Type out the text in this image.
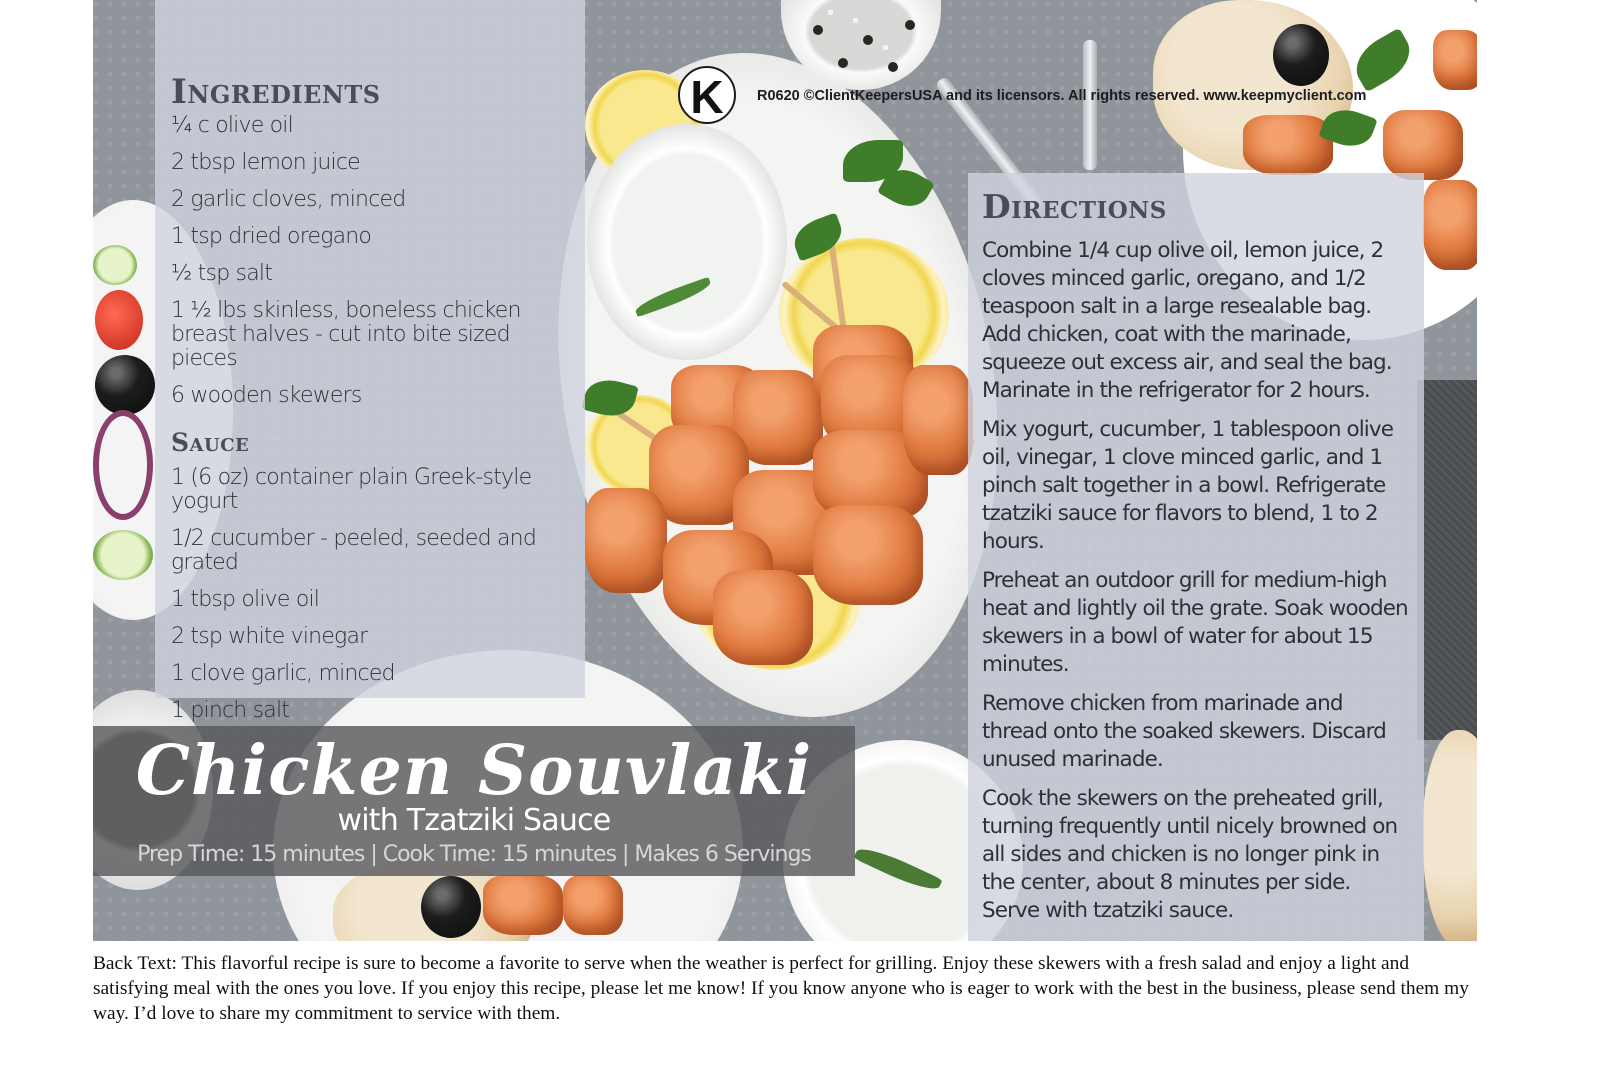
Ingredients
¼ c olive oil
2 tbsp lemon juice
2 garlic cloves, minced
1 tsp dried oregano
½ tsp salt
1 ½ lbs skinless, boneless chicken breast halves - cut into bite sized pieces
6 wooden skewers
Sauce
1 (6 oz) container plain Greek-style yogurt
1/2 cucumber - peeled, seeded and grated
1 tbsp olive oil
2 tsp white vinegar
1 clove garlic, minced
1 pinch salt
K	R0620 ©ClientKeepersUSA and its licensors. All rights reserved. www.keepmyclient.com
Directions
Combine 1/4 cup olive oil, lemon juice, 2 cloves minced garlic, oregano, and 1/2 teaspoon salt in a large resealable bag. Add chicken, coat with the marinade, squeeze out excess air, and seal the bag. Marinate in the refrigerator for 2 hours.
Mix yogurt, cucumber, 1 tablespoon olive oil, vinegar, 1 clove minced garlic, and 1 pinch salt together in a bowl. Refrigerate tzatziki sauce for flavors to blend, 1 to 2 hours.
Preheat an outdoor grill for medium-high heat and lightly oil the grate. Soak wooden skewers in a bowl of water for about 15 minutes.
Remove chicken from marinade and thread onto the soaked skewers. Discard unused marinade.
Cook the skewers on the preheated grill, turning frequently until nicely browned on all sides and chicken is no longer pink in the center, about 8 minutes per side. Serve with tzatziki sauce.
Chicken Souvlaki
with Tzatziki Sauce
Prep Time: 15 minutes | Cook Time: 15 minutes | Makes 6 Servings
Back Text: This flavorful recipe is sure to become a favorite to serve when the weather is perfect for grilling. Enjoy these skewers with a fresh salad and enjoy a light and satisfying meal with the ones you love. If you enjoy this recipe, please let me know! If you know anyone who is eager to work with the best in the business, please send them my way. I’d love to share my commitment to service with them.
